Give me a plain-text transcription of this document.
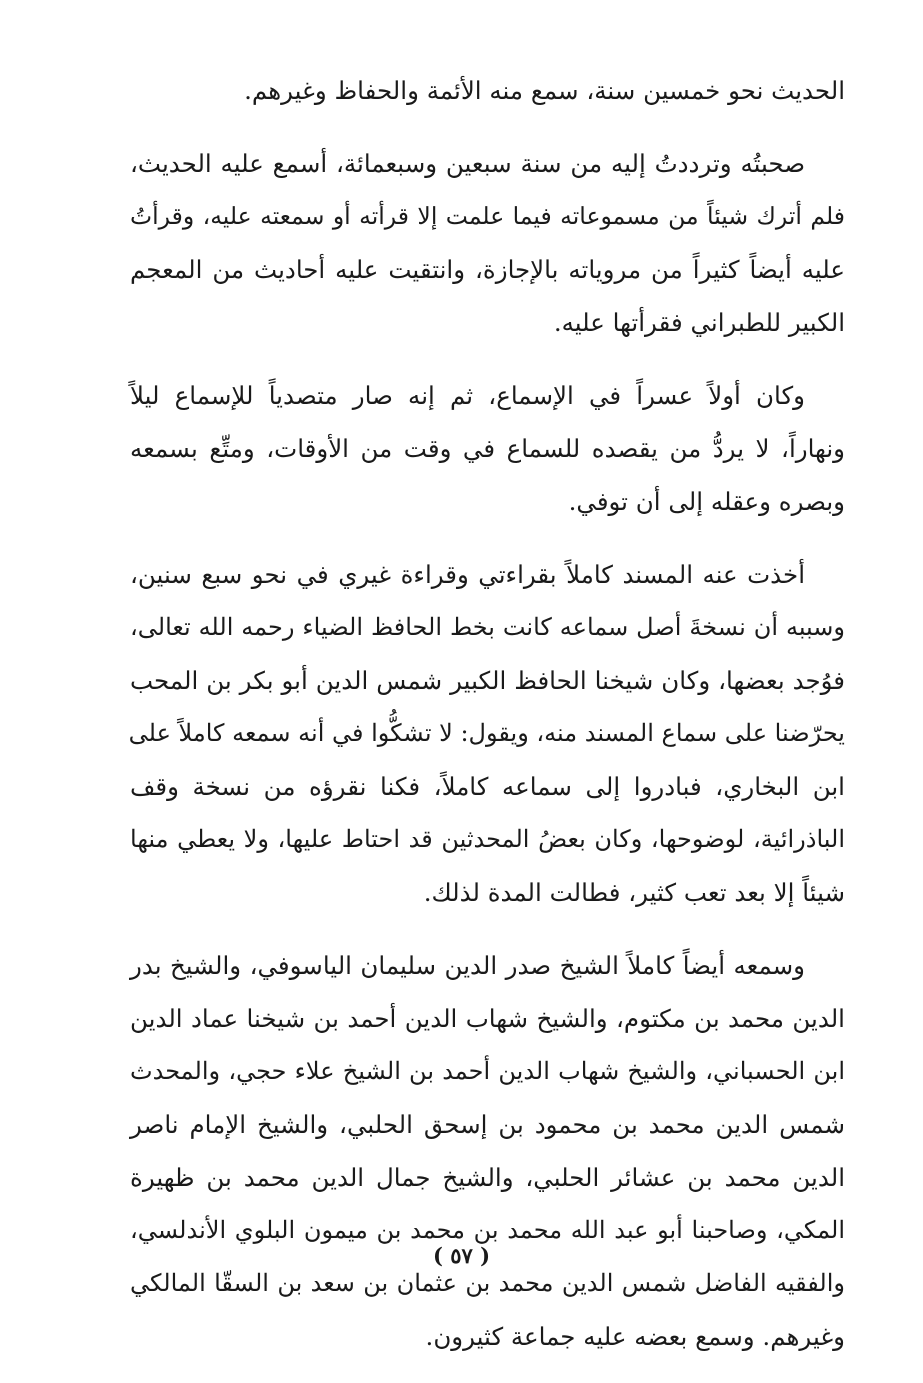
الحديث نحو خمسين سنة، سمع منه الأئمة والحفاظ وغيرهم.
صحبتُه وترددتُ إليه من سنة سبعين وسبعمائة، أسمع عليه الحديث،
فلم أترك شيئاً من مسموعاته فيما علمت إلا قرأته أو سمعته عليه، وقرأتُ
عليه أيضاً كثيراً من مروياته بالإجازة، وانتقيت عليه أحاديث من المعجم
الكبير للطبراني فقرأتها عليه.
وكان أولاً عسراً في الإسماع، ثم إنه صار متصدياً للإسماع ليلاً
ونهاراً، لا يردُّ من يقصده للسماع في وقت من الأوقات، ومتِّع بسمعه
وبصره وعقله إلى أن توفي.
أخذت عنه المسند كاملاً بقراءتي وقراءة غيري في نحو سبع سنين،
وسببه أن نسخةَ أصل سماعه كانت بخط الحافظ الضياء رحمه الله تعالى،
فوُجد بعضها، وكان شيخنا الحافظ الكبير شمس الدين أبو بكر بن المحب
يحرّضنا على سماع المسند منه، ويقول: لا تشكُّوا في أنه سمعه كاملاً على
ابن البخاري، فبادروا إلى سماعه كاملاً، فكنا نقرؤه من نسخة وقف
الباذرائية، لوضوحها، وكان بعضُ المحدثين قد احتاط عليها، ولا يعطي منها
شيئاً إلا بعد تعب كثير، فطالت المدة لذلك.
وسمعه أيضاً كاملاً الشيخ صدر الدين سليمان الياسوفي، والشيخ بدر
الدين محمد بن مكتوم، والشيخ شهاب الدين أحمد بن شيخنا عماد الدين
ابن الحسباني، والشيخ شهاب الدين أحمد بن الشيخ علاء حجي، والمحدث
شمس الدين محمد بن محمود بن إسحق الحلبي، والشيخ الإمام ناصر
الدين محمد بن عشائر الحلبي، والشيخ جمال الدين محمد بن ظهيرة
المكي، وصاحبنا أبو عبد الله محمد بن محمد بن ميمون البلوي الأندلسي،
والفقيه الفاضل شمس الدين محمد بن عثمان بن سعد بن السقّا المالكي
وغيرهم. وسمع بعضه عليه جماعة كثيرون.
( ٥٧ )
